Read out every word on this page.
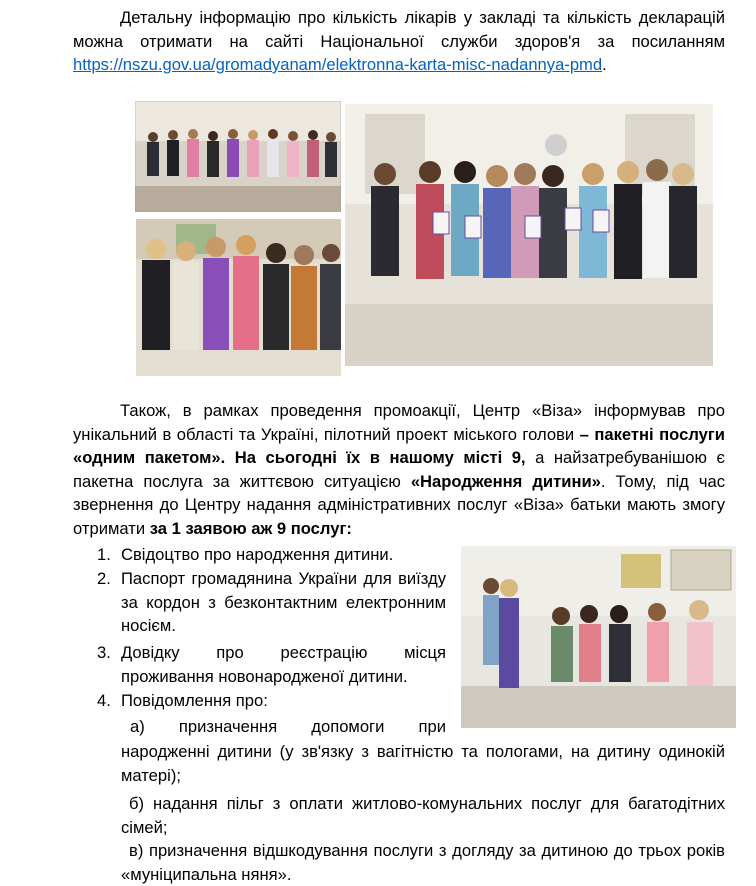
Детальну інформацію про кількість лікарів у закладі та кількість декларацій можна отримати на сайті Національної служби здоров'я за посиланням https://nszu.gov.ua/gromadyanam/elektronna-karta-misc-nadannya-pmd.
Також, в рамках проведення промоакції, Центр «Віза» інформував про унікальний в області та Україні, пілотний проект міського голови – пакетні послуги «одним пакетом». На сьогодні їх в нашому місті 9, а найзатребуванішою є пакетна послуга за життєвою ситуацією «Народження дитини». Тому, під час звернення до Центру надання адміністративних послуг «Віза» батьки мають змогу отримати за 1 заявою аж 9 послуг:
1. Свідоцтво про народження дитини.
2. Паспорт громадянина України для виїзду за кордон з безконтактним електронним носієм.
3. Довідку про реєстрацію місця проживання новонародженої дитини.
4. Повідомлення про:
а) призначення допомоги при
народженні дитини (у зв'язку з вагітністю та пологами, на дитину одинокій матері);
б) надання пільг з оплати житлово-комунальних послуг для багатодітних сімей;
в) призначення відшкодування послуги з догляду за дитиною до трьох років «муніципальна няня».
